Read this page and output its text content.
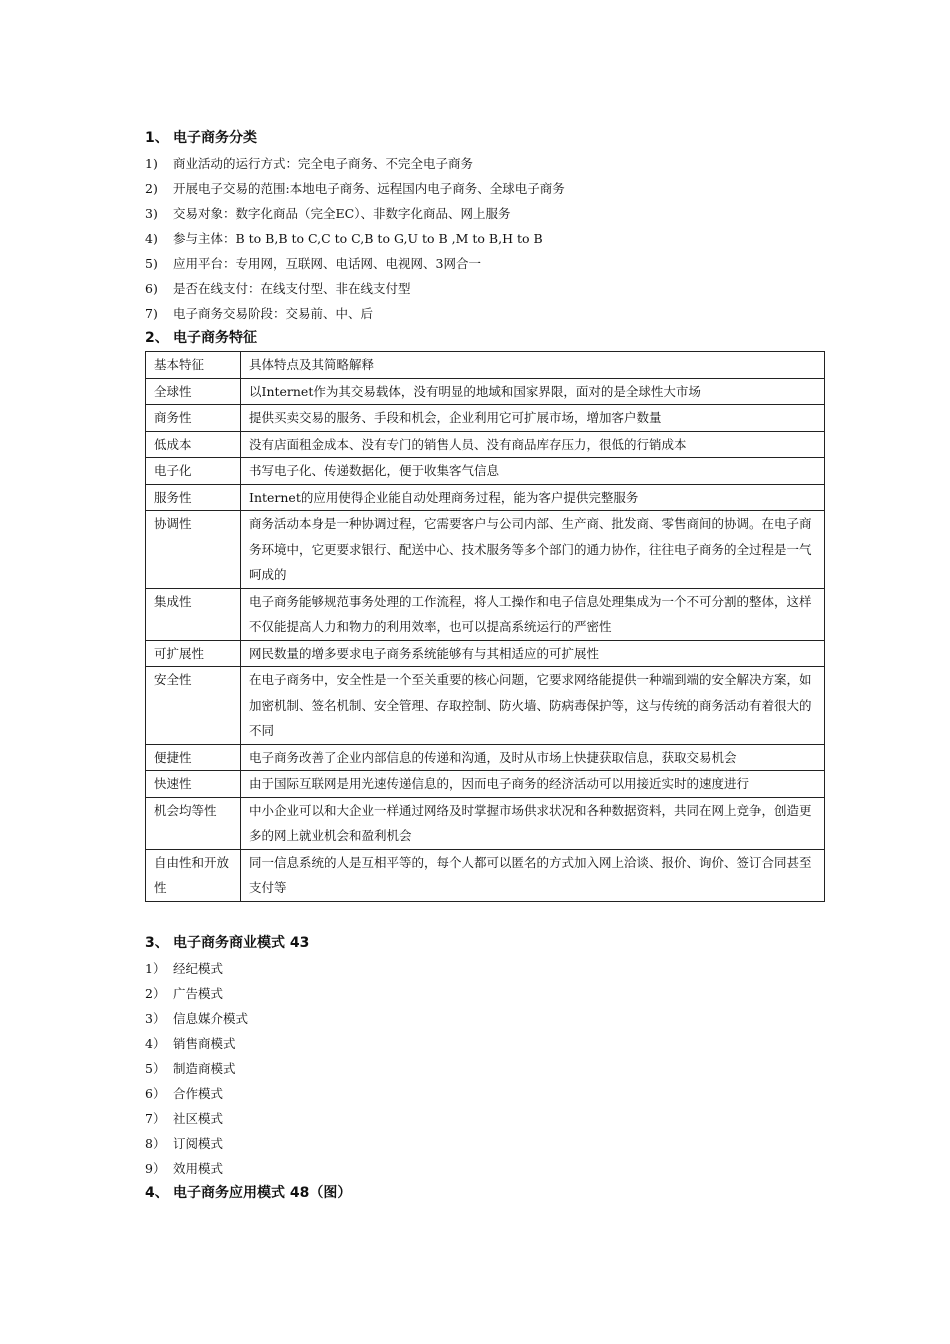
1、 电子商务分类
1) 商业活动的运行方式：完全电子商务、不完全电子商务
2) 开展电子交易的范围:本地电子商务、远程国内电子商务、全球电子商务
3) 交易对象：数字化商品（完全EC）、非数字化商品、网上服务
4) 参与主体：B to B,B to C,C to C,B to G,U to B ,M to B,H to B
5) 应用平台：专用网，互联网、电话网、电视网、3网合一
6) 是否在线支付：在线支付型、非在线支付型
7) 电子商务交易阶段：交易前、中、后
2、 电子商务特征
基本特征	具体特点及其简略解释
全球性	以Internet作为其交易载体，没有明显的地域和国家界限，面对的是全球性大市场
商务性	提供买卖交易的服务、手段和机会，企业利用它可扩展市场，增加客户数量
低成本	没有店面租金成本、没有专门的销售人员、没有商品库存压力，很低的行销成本
电子化	书写电子化、传递数据化，便于收集客气信息
服务性	Internet的应用使得企业能自动处理商务过程，能为客户提供完整服务
协调性	商务活动本身是一种协调过程，它需要客户与公司内部、生产商、批发商、零售商间的协调。在电子商务环境中，它更要求银行、配送中心、技术服务等多个部门的通力协作，往往电子商务的全过程是一气呵成的
集成性	电子商务能够规范事务处理的工作流程，将人工操作和电子信息处理集成为一个不可分割的整体，这样不仅能提高人力和物力的利用效率，也可以提高系统运行的严密性
可扩展性	网民数量的增多要求电子商务系统能够有与其相适应的可扩展性
安全性	在电子商务中，安全性是一个至关重要的核心问题，它要求网络能提供一种端到端的安全解决方案，如加密机制、签名机制、安全管理、存取控制、防火墙、防病毒保护等，这与传统的商务活动有着很大的不同
便捷性	电子商务改善了企业内部信息的传递和沟通，及时从市场上快捷获取信息，获取交易机会
快速性	由于国际互联网是用光速传递信息的，因而电子商务的经济活动可以用接近实时的速度进行
机会均等性	中小企业可以和大企业一样通过网络及时掌握市场供求状况和各种数据资料，共同在网上竞争，创造更多的网上就业机会和盈利机会
自由性和开放性	同一信息系统的人是互相平等的，每个人都可以匿名的方式加入网上洽谈、报价、询价、签订合同甚至支付等
3、 电子商务商业模式 43
1） 经纪模式
2） 广告模式
3） 信息媒介模式
4） 销售商模式
5） 制造商模式
6） 合作模式
7） 社区模式
8） 订阅模式
9） 效用模式
4、 电子商务应用模式 48（图）
